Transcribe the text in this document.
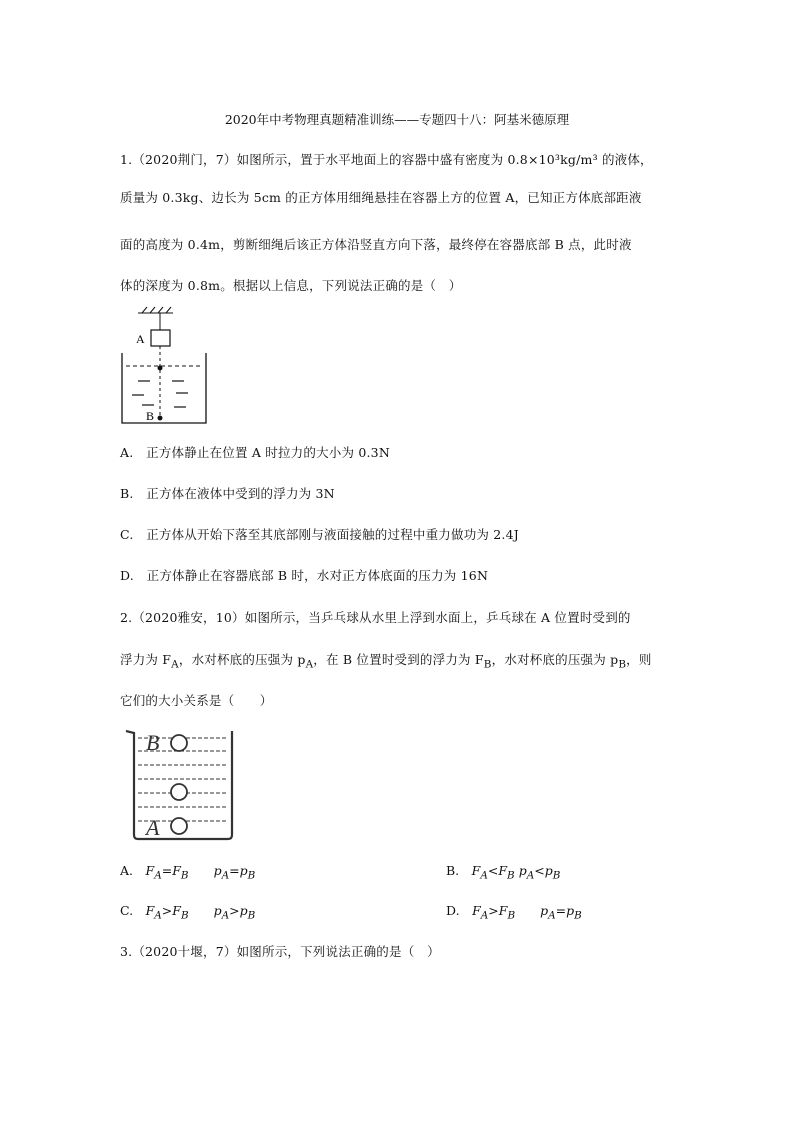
2020年中考物理真题精准训练——专题四十八：阿基米德原理
1.（2020荆门，7）如图所示，置于水平地面上的容器中盛有密度为 0.8×10³kg/m³ 的液体，
质量为 0.3kg、边长为 5cm 的正方体用细绳悬挂在容器上方的位置 A，已知正方体底部距液
面的高度为 0.4m，剪断细绳后该正方体沿竖直方向下落，最终停在容器底部 B 点，此时液
体的深度为 0.8m。根据以上信息，下列说法正确的是（　）
A
B
A.　正方体静止在位置 A 时拉力的大小为 0.3N
B.　正方体在液体中受到的浮力为 3N
C.　正方体从开始下落至其底部刚与液面接触的过程中重力做功为 2.4J
D.　正方体静止在容器底部 B 时，水对正方体底面的压力为 16N
2.（2020雅安，10）如图所示，当乒乓球从水里上浮到水面上，乒乓球在 A 位置时受到的
浮力为 $F_A$，水对杯底的压强为 $p_A$，在 B 位置时受到的浮力为 $F_B$，水对杯底的压强为 $p_B$，则
它们的大小关系是（　　）
B
A
A.　$F_A=F_B$　　 $p_A=p_B$	B.　$F_A<F_B$ $p_A<p_B$
C.　$F_A>F_B$　　 $p_A>p_B$	D.　$F_A>F_B$　　 $p_A=p_B$
3.（2020十堰，7）如图所示，下列说法正确的是（　）
